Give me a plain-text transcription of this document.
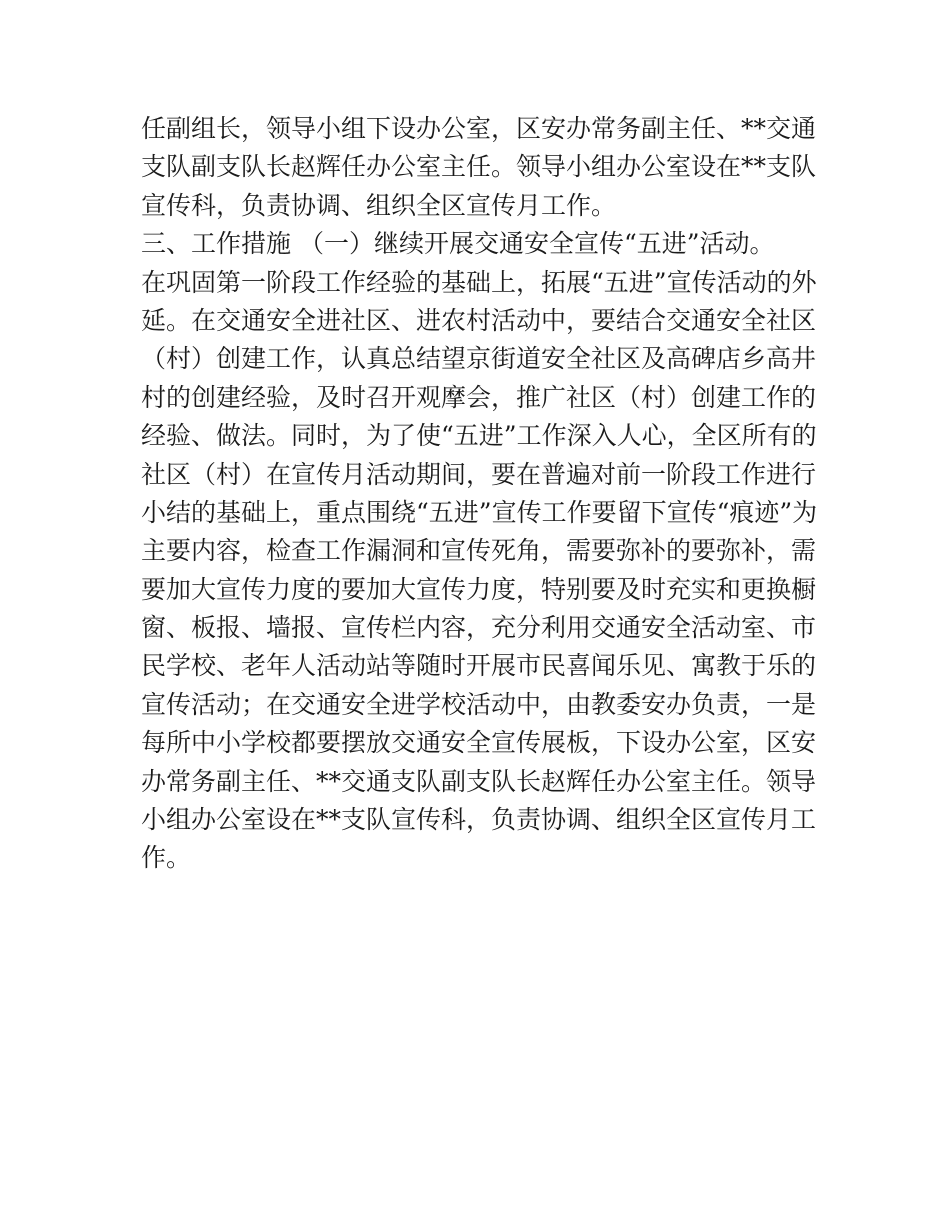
任副组长，领导小组下设办公室，区安办常务副主任、**交通
支队副支队长赵辉任办公室主任。领导小组办公室设在**支队
宣传科，负责协调、组织全区宣传月工作。
三、工作措施 （一）继续开展交通安全宣传“五进”活动。
在巩固第一阶段工作经验的基础上，拓展“五进”宣传活动的外
延。在交通安全进社区、进农村活动中，要结合交通安全社区
（村）创建工作，认真总结望京街道安全社区及高碑店乡高井
村的创建经验，及时召开观摩会，推广社区（村）创建工作的
经验、做法。同时，为了使“五进”工作深入人心，全区所有的
社区（村）在宣传月活动期间，要在普遍对前一阶段工作进行
小结的基础上，重点围绕“五进”宣传工作要留下宣传“痕迹”为
主要内容，检查工作漏洞和宣传死角，需要弥补的要弥补，需
要加大宣传力度的要加大宣传力度，特别要及时充实和更换橱
窗、板报、墙报、宣传栏内容，充分利用交通安全活动室、市
民学校、老年人活动站等随时开展市民喜闻乐见、寓教于乐的
宣传活动；在交通安全进学校活动中，由教委安办负责，一是
每所中小学校都要摆放交通安全宣传展板，下设办公室，区安
办常务副主任、**交通支队副支队长赵辉任办公室主任。领导
小组办公室设在**支队宣传科，负责协调、组织全区宣传月工
作。
